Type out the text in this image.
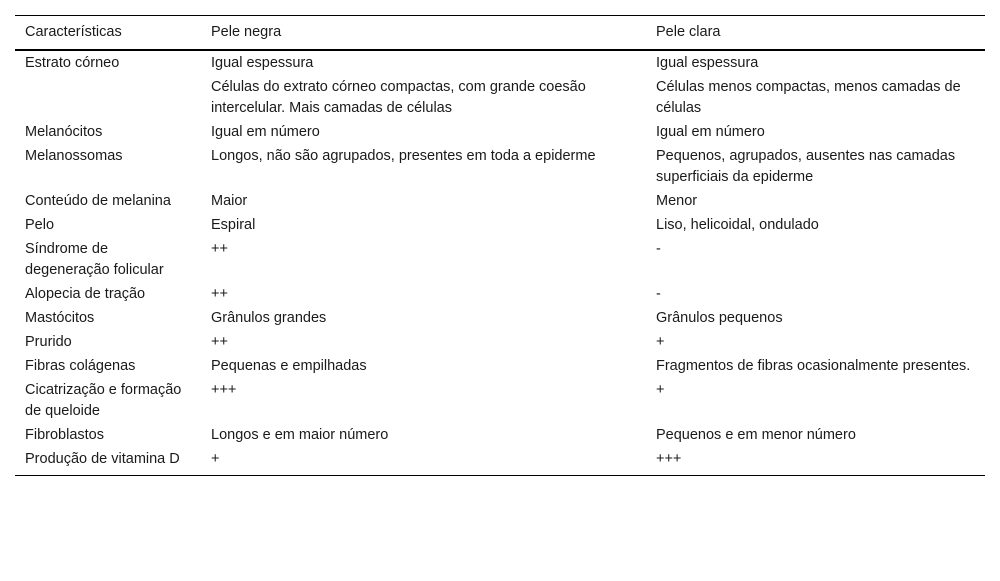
Características	Pele negra	Pele clara
Estrato córneo	Igual espessura	Igual espessura
	Células do extrato córneo compactas, com grande coesão intercelular. Mais camadas de células	Células menos compactas, menos camadas de células
Melanócitos	Igual em número	Igual em número
Melanossomas	Longos, não são agrupados, presentes em toda a epiderme	Pequenos, agrupados, ausentes nas camadas superficiais da epiderme
Conteúdo de melanina	Maior	Menor
Pelo	Espiral	Liso, helicoidal, ondulado
Síndrome de degeneração folicular	++	-
Alopecia de tração	++	-
Mastócitos	Grânulos grandes	Grânulos pequenos
Prurido	++	+
Fibras colágenas	Pequenas e empilhadas	Fragmentos de fibras ocasionalmente presentes.
Cicatrização e formação de queloide	+++	+
Fibroblastos	Longos e em maior número	Pequenos e em menor número
Produção de vitamina D	+	+++
